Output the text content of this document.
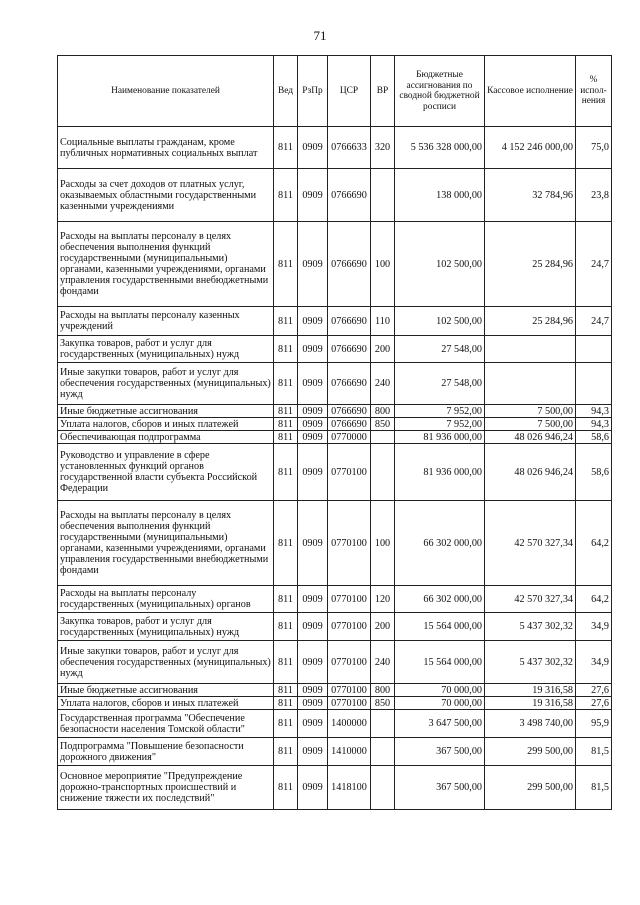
71
Наименование показателей	Вед	РзПр	ЦСР	ВР	Бюджетные ассигнования по сводной бюджетной росписи	Кассовое исполнение	% испол-нения
Социальные выплаты гражданам, кроме публичных нормативных социальных выплат	811	0909	0766633	320	5 536 328 000,00	4 152 246 000,00	75,0
Расходы за счет доходов от платных услуг, оказываемых областными государственными казенными учреждениями	811	0909	0766690		138 000,00	32 784,96	23,8
Расходы на выплаты персоналу в целях обеспечения выполнения функций государственными (муниципальными) органами, казенными учреждениями, органами управления государственными внебюджетными фондами	811	0909	0766690	100	102 500,00	25 284,96	24,7
Расходы на выплаты персоналу казенных учреждений	811	0909	0766690	110	102 500,00	25 284,96	24,7
Закупка товаров, работ и услуг для государственных (муниципальных) нужд	811	0909	0766690	200	27 548,00		
Иные закупки товаров, работ и услуг для обеспечения государственных (муниципальных) нужд	811	0909	0766690	240	27 548,00		
Иные бюджетные ассигнования	811	0909	0766690	800	7 952,00	7 500,00	94,3
Уплата налогов, сборов и иных платежей	811	0909	0766690	850	7 952,00	7 500,00	94,3
Обеспечивающая подпрограмма	811	0909	0770000		81 936 000,00	48 026 946,24	58,6
Руководство и управление в сфере установленных функций органов государственной власти субъекта Российской Федерации	811	0909	0770100		81 936 000,00	48 026 946,24	58,6
Расходы на выплаты персоналу в целях обеспечения выполнения функций государственными (муниципальными) органами, казенными учреждениями, органами управления государственными внебюджетными фондами	811	0909	0770100	100	66 302 000,00	42 570 327,34	64,2
Расходы на выплаты персоналу государственных (муниципальных) органов	811	0909	0770100	120	66 302 000,00	42 570 327,34	64,2
Закупка товаров, работ и услуг для государственных (муниципальных) нужд	811	0909	0770100	200	15 564 000,00	5 437 302,32	34,9
Иные закупки товаров, работ и услуг для обеспечения государственных (муниципальных) нужд	811	0909	0770100	240	15 564 000,00	5 437 302,32	34,9
Иные бюджетные ассигнования	811	0909	0770100	800	70 000,00	19 316,58	27,6
Уплата налогов, сборов и иных платежей	811	0909	0770100	850	70 000,00	19 316,58	27,6
Государственная программа "Обеспечение безопасности населения Томской области"	811	0909	1400000		3 647 500,00	3 498 740,00	95,9
Подпрограмма "Повышение безопасности дорожного движения"	811	0909	1410000		367 500,00	299 500,00	81,5
Основное мероприятие "Предупреждение дорожно-транспортных происшествий и снижение тяжести их последствий"	811	0909	1418100		367 500,00	299 500,00	81,5
